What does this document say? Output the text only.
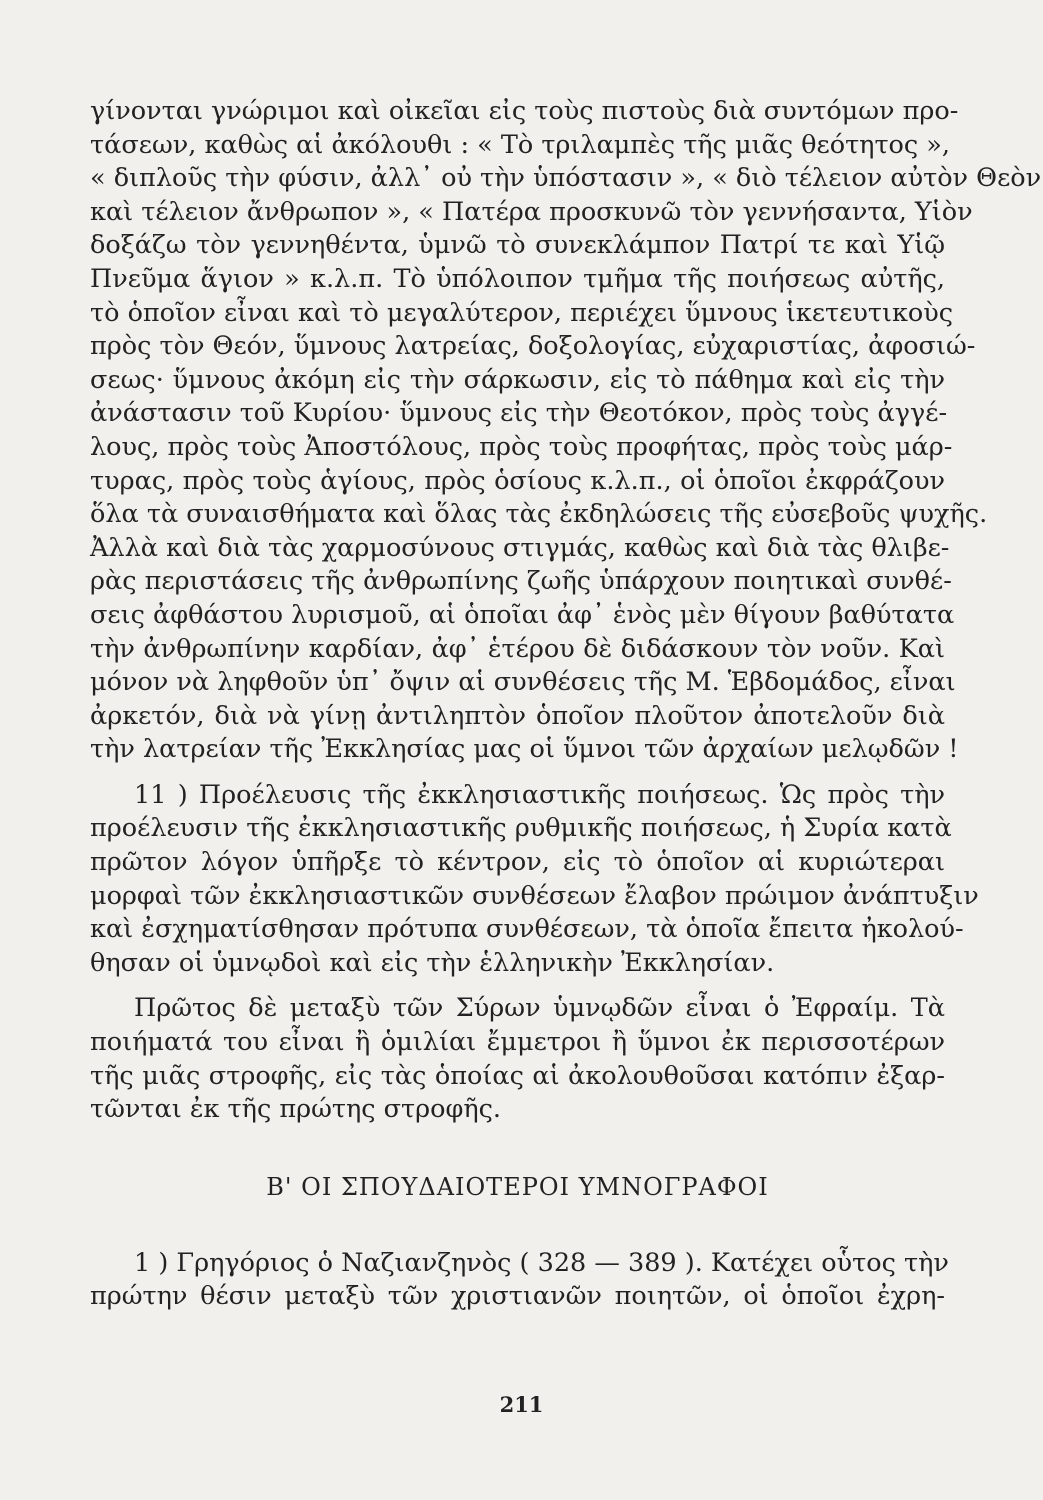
γίνονται γνώριμοι καὶ οἰκεῖαι εἰς τοὺς πιστοὺς διὰ συντόμων προ-
τάσεων, καθὼς αἱ ἀκόλουθι : « Τὸ τριλαμπὲς τῆς μιᾶς θεότητος »,
« διπλοῦς τὴν φύσιν, ἀλλ᾿ οὐ τὴν ὑπόστασιν », « διὸ τέλειον αὐτὸν Θεὸν
καὶ τέλειον ἄνθρωπον », « Πατέρα προσκυνῶ τὸν γεννήσαντα, Υἱὸν
δοξάζω τὸν γεννηθέντα, ὑμνῶ τὸ συνεκλάμπον Πατρί τε καὶ Υἱῷ
Πνεῦμα ἅγιον » κ.λ.π. Τὸ ὑπόλοιπον τμῆμα τῆς ποιήσεως αὐτῆς,
τὸ ὁποῖον εἶναι καὶ τὸ μεγαλύτερον, περιέχει ὕμνους ἱκετευτικοὺς
πρὸς τὸν Θεόν, ὕμνους λατρείας, δοξολογίας, εὐχαριστίας, ἀφοσιώ-
σεως· ὕμνους ἀκόμη εἰς τὴν σάρκωσιν, εἰς τὸ πάθημα καὶ εἰς τὴν
ἀνάστασιν τοῦ Κυρίου· ὕμνους εἰς τὴν Θεοτόκον, πρὸς τοὺς ἀγγέ-
λους, πρὸς τοὺς Ἀποστόλους, πρὸς τοὺς προφήτας, πρὸς τοὺς μάρ-
τυρας, πρὸς τοὺς ἁγίους, πρὸς ὁσίους κ.λ.π., οἱ ὁποῖοι ἐκφράζουν
ὅλα τὰ συναισθήματα καὶ ὅλας τὰς ἐκδηλώσεις τῆς εὐσεβοῦς ψυχῆς.
Ἀλλὰ καὶ διὰ τὰς χαρμοσύνους στιγμάς, καθὼς καὶ διὰ τὰς θλιβε-
ρὰς περιστάσεις τῆς ἀνθρωπίνης ζωῆς ὑπάρχουν ποιητικαὶ συνθέ-
σεις ἀφθάστου λυρισμοῦ, αἱ ὁποῖαι ἀφ᾿ ἑνὸς μὲν θίγουν βαθύτατα
τὴν ἀνθρωπίνην καρδίαν, ἀφ᾿ ἑτέρου δὲ διδάσκουν τὸν νοῦν. Καὶ
μόνον νὰ ληφθοῦν ὑπ᾿ ὄψιν αἱ συνθέσεις τῆς Μ. Ἑβδομάδος, εἶναι
ἀρκετόν, διὰ νὰ γίνῃ ἀντιληπτὸν ὁποῖον πλοῦτον ἀποτελοῦν διὰ
τὴν λατρείαν τῆς Ἐκκλησίας μας οἱ ὕμνοι τῶν ἀρχαίων μελῳδῶν !
11 ) Προέλευσις τῆς ἐκκλησιαστικῆς ποιήσεως. Ὡς πρὸς τὴν
προέλευσιν τῆς ἐκκλησιαστικῆς ρυθμικῆς ποιήσεως, ἡ Συρία κατὰ
πρῶτον λόγον ὑπῆρξε τὸ κέντρον, εἰς τὸ ὁποῖον αἱ κυριώτεραι
μορφαὶ τῶν ἐκκλησιαστικῶν συνθέσεων ἔλαβον πρώιμον ἀνάπτυξιν
καὶ ἐσχηματίσθησαν πρότυπα συνθέσεων, τὰ ὁποῖα ἔπειτα ἠκολού-
θησαν οἱ ὑμνῳδοὶ καὶ εἰς τὴν ἑλληνικὴν Ἐκκλησίαν.
Πρῶτος δὲ μεταξὺ τῶν Σύρων ὑμνῳδῶν εἶναι ὁ Ἐφραίμ. Τὰ
ποιήματά του εἶναι ἢ ὁμιλίαι ἔμμετροι ἢ ὕμνοι ἐκ περισσοτέρων
τῆς μιᾶς στροφῆς, εἰς τὰς ὁποίας αἱ ἀκολουθοῦσαι κατόπιν ἐξαρ-
τῶνται ἐκ τῆς πρώτης στροφῆς.
Β' ΟΙ ΣΠΟΥΔΑΙΟΤΕΡΟΙ ΥΜΝΟΓΡΑΦΟΙ
1 ) Γρηγόριος ὁ Ναζιανζηνὸς ( 328 — 389 ). Κατέχει οὗτος τὴν
πρώτην θέσιν μεταξὺ τῶν χριστιανῶν ποιητῶν, οἱ ὁποῖοι ἐχρη-
211
